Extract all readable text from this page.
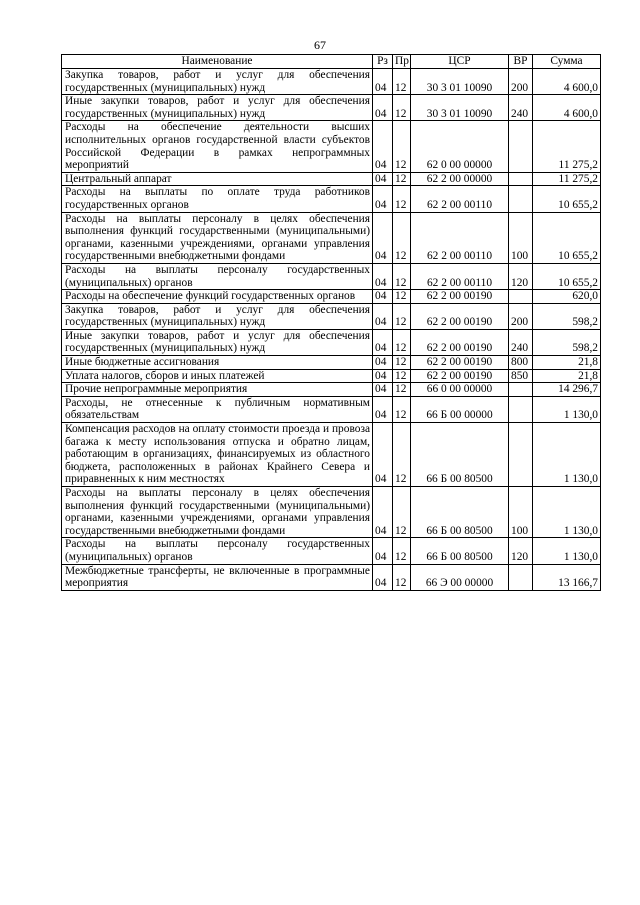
67
Наименование	Рз	Пр	ЦСР	ВР	Сумма
Закупка товаров, работ и услуг для обеспечения государственных (муниципальных) нужд	04	12	30 3 01 10090	200	4 600,0
Иные закупки товаров, работ и услуг для обеспечения государственных (муниципальных) нужд	04	12	30 3 01 10090	240	4 600,0
Расходы на обеспечение деятельности высших исполнительных органов государственной власти субъектов Российской Федерации в рамках непрограммных мероприятий	04	12	62 0 00 00000		11 275,2
Центральный аппарат	04	12	62 2 00 00000		11 275,2
Расходы на выплаты по оплате труда работников государственных органов	04	12	62 2 00 00110		10 655,2
Расходы на выплаты персоналу в целях обеспечения выполнения функций государственными (муниципальными) органами, казенными учреждениями, органами управления государственными внебюджетными фондами	04	12	62 2 00 00110	100	10 655,2
Расходы на выплаты персоналу государственных (муниципальных) органов	04	12	62 2 00 00110	120	10 655,2
Расходы на обеспечение функций государственных органов	04	12	62 2 00 00190		620,0
Закупка товаров, работ и услуг для обеспечения государственных (муниципальных) нужд	04	12	62 2 00 00190	200	598,2
Иные закупки товаров, работ и услуг для обеспечения государственных (муниципальных) нужд	04	12	62 2 00 00190	240	598,2
Иные бюджетные ассигнования	04	12	62 2 00 00190	800	21,8
Уплата налогов, сборов и иных платежей	04	12	62 2 00 00190	850	21,8
Прочие непрограммные мероприятия	04	12	66 0 00 00000		14 296,7
Расходы, не отнесенные к публичным нормативным обязательствам	04	12	66 Б 00 00000		1 130,0
Компенсация расходов на оплату стоимости проезда и провоза багажа к месту использования отпуска и обратно лицам, работающим в организациях, финансируемых из областного бюджета, расположенных в районах Крайнего Севера и приравненных к ним местностях	04	12	66 Б 00 80500		1 130,0
Расходы на выплаты персоналу в целях обеспечения выполнения функций государственными (муниципальными) органами, казенными учреждениями, органами управления государственными внебюджетными фондами	04	12	66 Б 00 80500	100	1 130,0
Расходы на выплаты персоналу государственных (муниципальных) органов	04	12	66 Б 00 80500	120	1 130,0
Межбюджетные трансферты, не включенные в программные мероприятия	04	12	66 Э 00 00000		13 166,7
